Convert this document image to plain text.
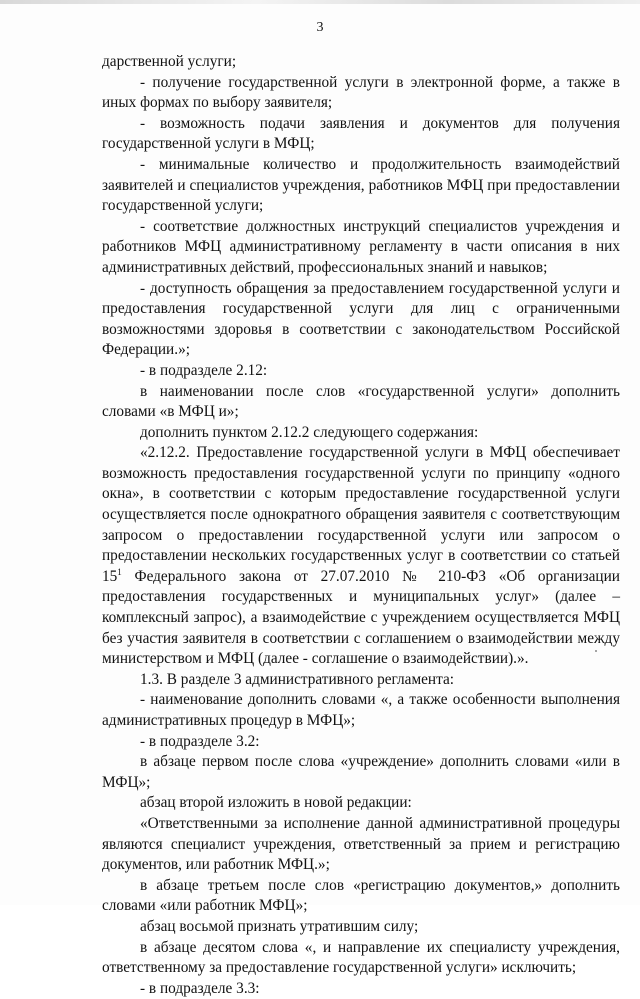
3

дарственной услуги;

- получение государственной услуги в электронной форме, а также в иных формах по выбору заявителя;

- возможность подачи заявления и документов для получения государственной услуги в МФЦ;

- минимальные количество и продолжительность взаимодействий заявителей и специалистов учреждения, работников МФЦ при предоставлении государственной услуги;

- соответствие должностных инструкций специалистов учреждения и работников МФЦ административному регламенту в части описания в них административных действий, профессиональных знаний и навыков;

- доступность обращения за предоставлением государственной услуги и предоставления государственной услуги для лиц с ограниченными возможностями здоровья в соответствии с законодательством Российской Федерации.»;

- в подразделе 2.12:

в наименовании после слов «государственной услуги» дополнить словами «в МФЦ и»;

дополнить пунктом 2.12.2 следующего содержания:

«2.12.2. Предоставление государственной услуги в МФЦ обеспечивает возможность предоставления государственной услуги по принципу «одного окна», в соответствии с которым предоставление государственной услуги осуществляется после однократного обращения заявителя с соответствующим запросом о предоставлении государственной услуги или запросом о предоставлении нескольких государственных услуг в соответствии со статьей $15^1$ Федерального закона от 27.07.2010 № 210-ФЗ «Об организации предоставления государственных и муниципальных услуг» (далее – комплексный запрос), а взаимодействие с учреждением осуществляется МФЦ без участия заявителя в соответствии с соглашением о взаимодействии между министерством и МФЦ (далее - соглашение о взаимодействии).».

1.3. В разделе 3 административного регламента:

- наименование дополнить словами «, а также особенности выполнения административных процедур в МФЦ»;

- в подразделе 3.2:

в абзаце первом после слова «учреждение» дополнить словами «или в МФЦ»;

абзац второй изложить в новой редакции:

«Ответственными за исполнение данной административной процедуры являются специалист учреждения, ответственный за прием и регистрацию документов, или работник МФЦ.»;

в абзаце третьем после слов «регистрацию документов,» дополнить словами «или работник МФЦ»;

абзац восьмой признать утратившим силу;

в абзаце десятом слова «, и направление их специалисту учреждения, ответственному за предоставление государственной услуги» исключить;

- в подразделе 3.3:
